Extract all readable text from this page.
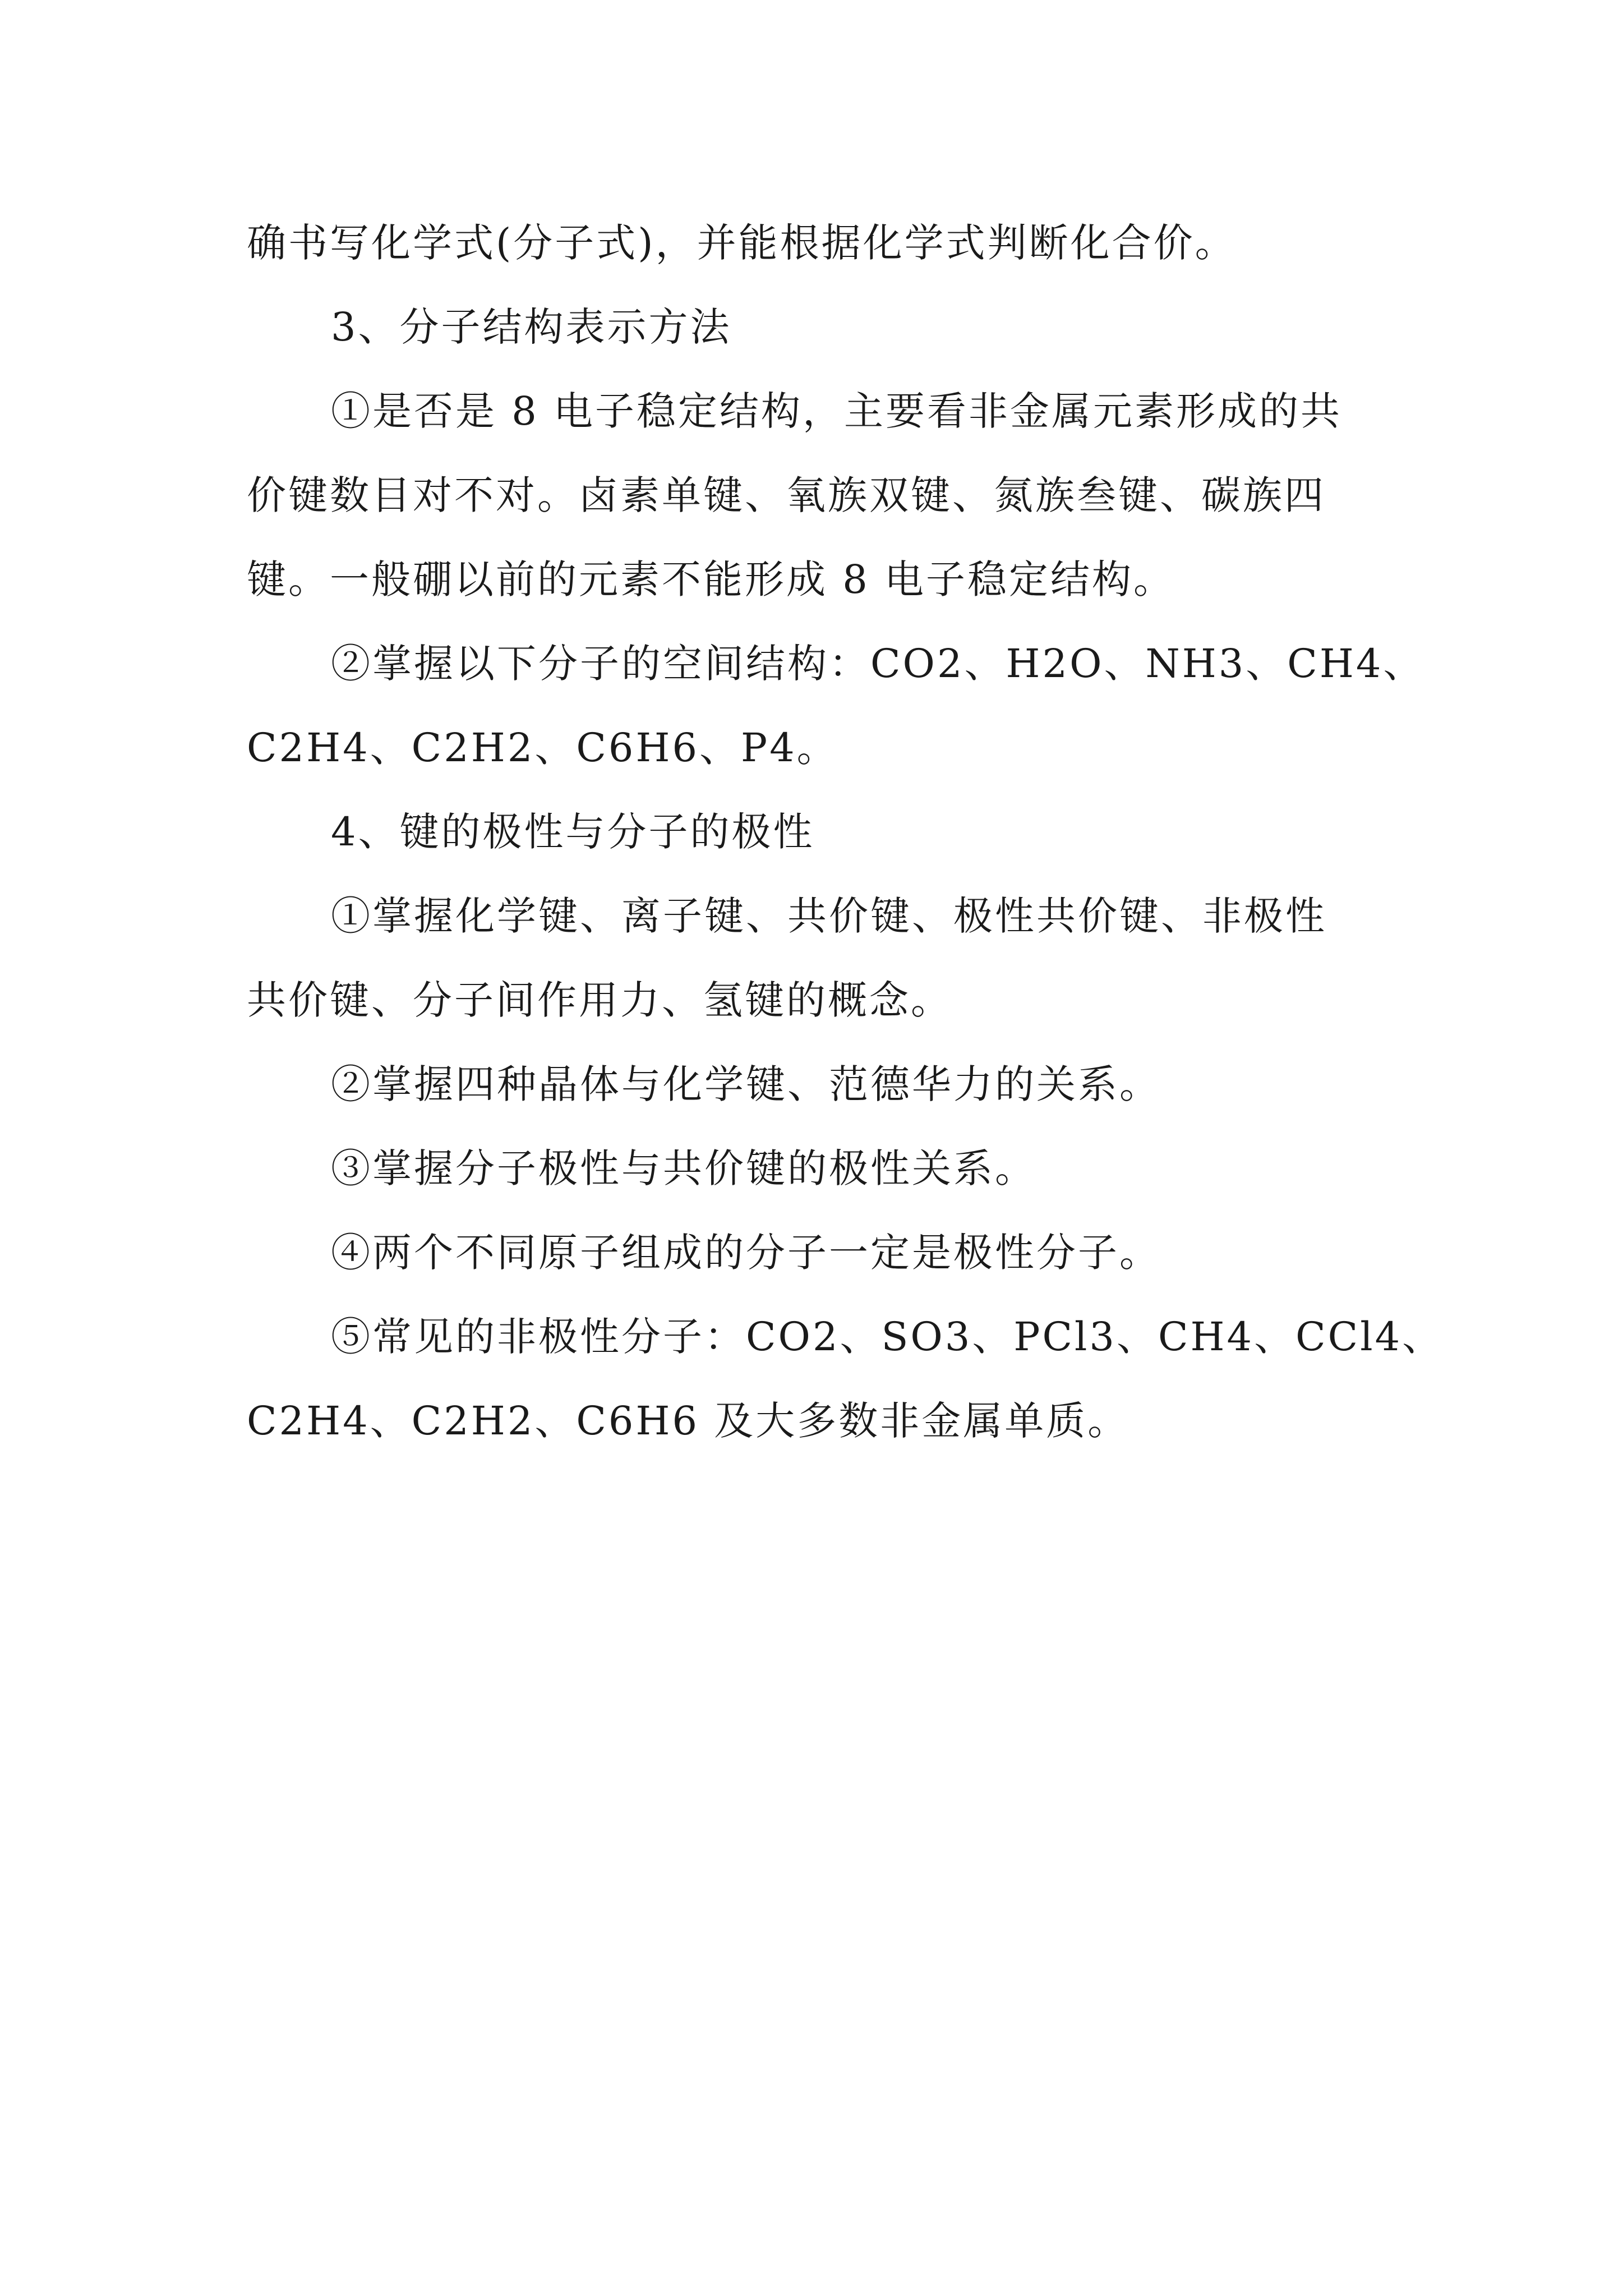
确书写化学式(分子式)，并能根据化学式判断化合价。
3、分子结构表示方法
①是否是 8 电子稳定结构，主要看非金属元素形成的共
价键数目对不对。卤素单键、氧族双键、氮族叁键、碳族四
键。一般硼以前的元素不能形成 8 电子稳定结构。
②掌握以下分子的空间结构：CO2、H2O、NH3、CH4、
C2H4、C2H2、C6H6、P4。
4、键的极性与分子的极性
①掌握化学键、离子键、共价键、极性共价键、非极性
共价键、分子间作用力、氢键的概念。
②掌握四种晶体与化学键、范德华力的关系。
③掌握分子极性与共价键的极性关系。
④两个不同原子组成的分子一定是极性分子。
⑤常见的非极性分子：CO2、SO3、PCl3、CH4、CCl4、
C2H4、C2H2、C6H6 及大多数非金属单质。
